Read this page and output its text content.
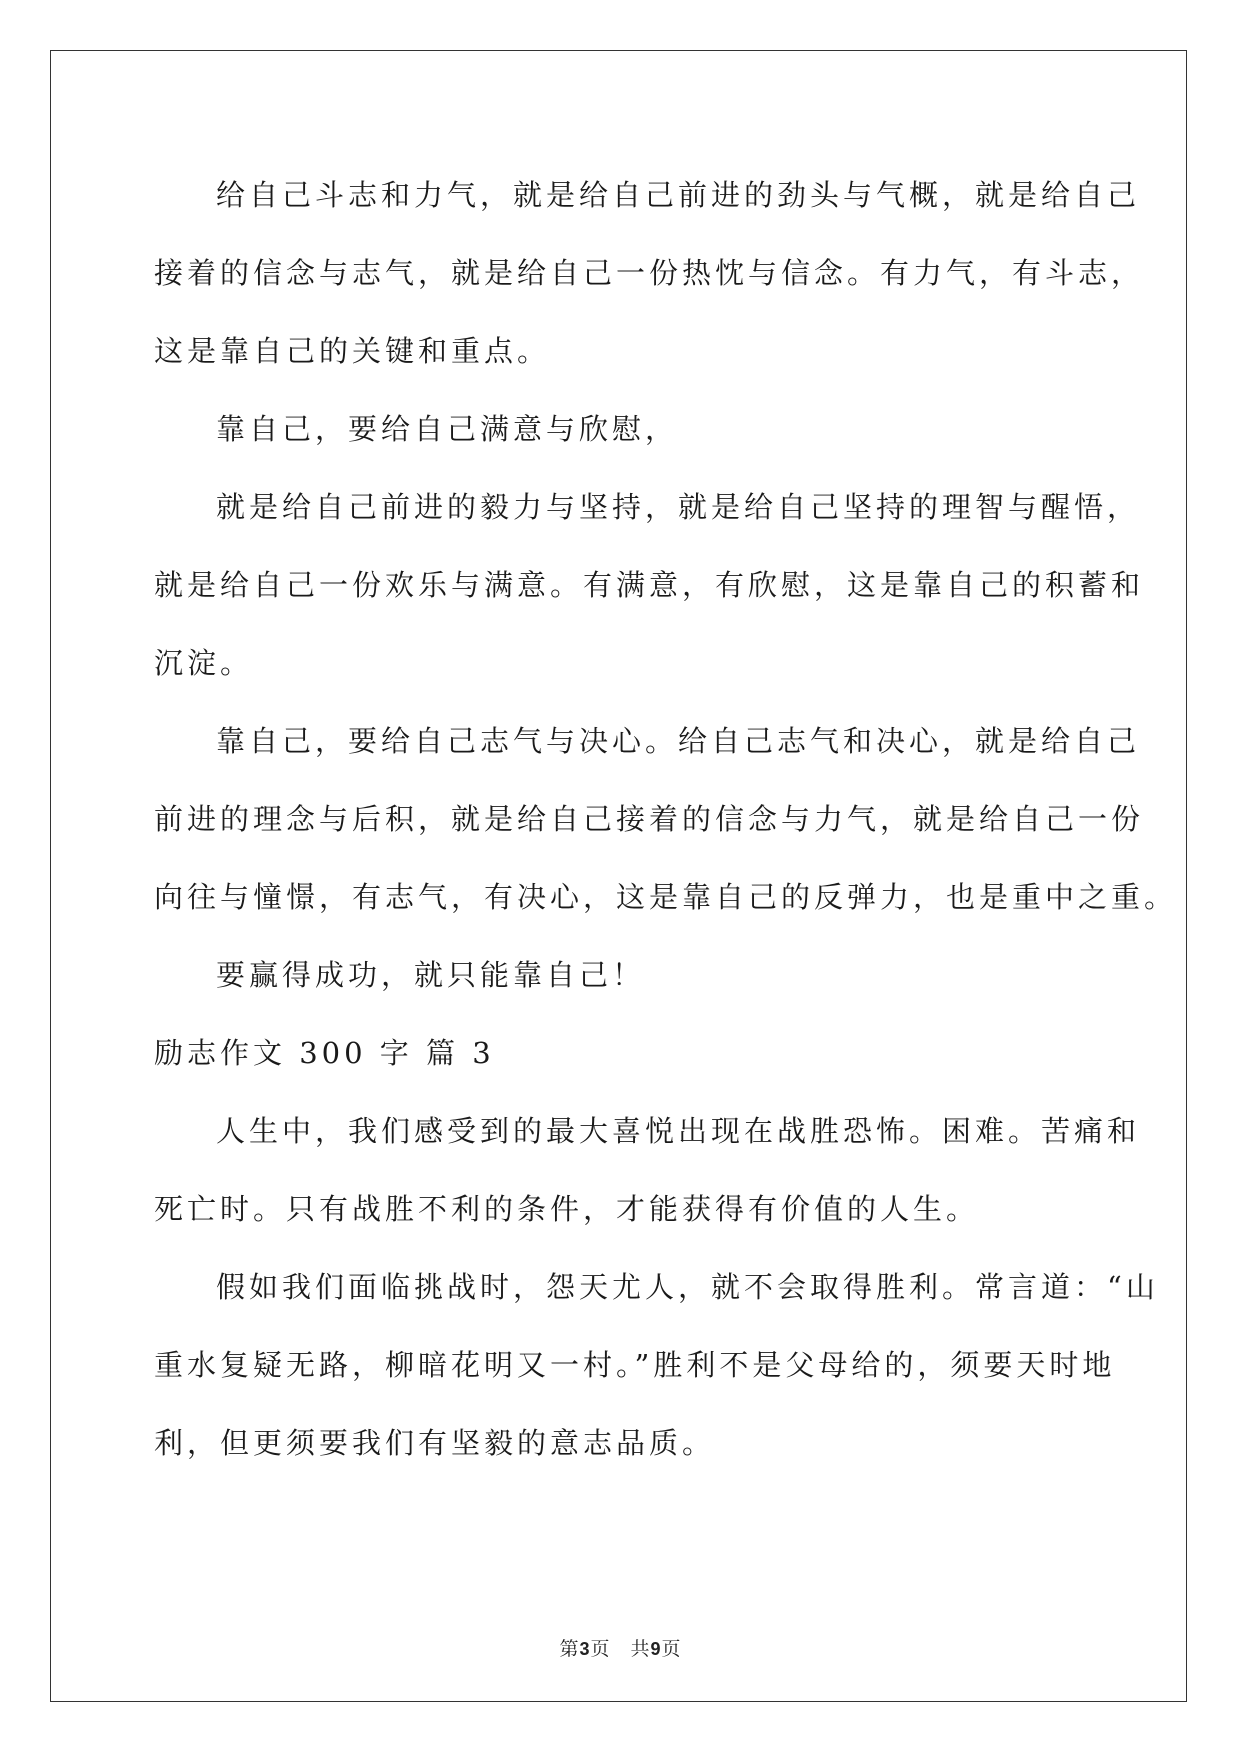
给自己斗志和力气，就是给自己前进的劲头与气概，就是给自己
接着的信念与志气，就是给自己一份热忱与信念。有力气，有斗志，
这是靠自己的关键和重点。
靠自己，要给自己满意与欣慰，
就是给自己前进的毅力与坚持，就是给自己坚持的理智与醒悟，
就是给自己一份欢乐与满意。有满意，有欣慰，这是靠自己的积蓄和
沉淀。
靠自己，要给自己志气与决心。给自己志气和决心，就是给自己
前进的理念与后积，就是给自己接着的信念与力气，就是给自己一份
向往与憧憬，有志气，有决心，这是靠自己的反弹力，也是重中之重。
要赢得成功，就只能靠自己！
励志作文 300 字 篇 3
人生中，我们感受到的最大喜悦出现在战胜恐怖。困难。苦痛和
死亡时。只有战胜不利的条件，才能获得有价值的人生。
假如我们面临挑战时，怨天尤人，就不会取得胜利。常言道：“山
重水复疑无路，柳暗花明又一村。”胜利不是父母给的，须要天时地
利，但更须要我们有坚毅的意志品质。
第3页　共9页
